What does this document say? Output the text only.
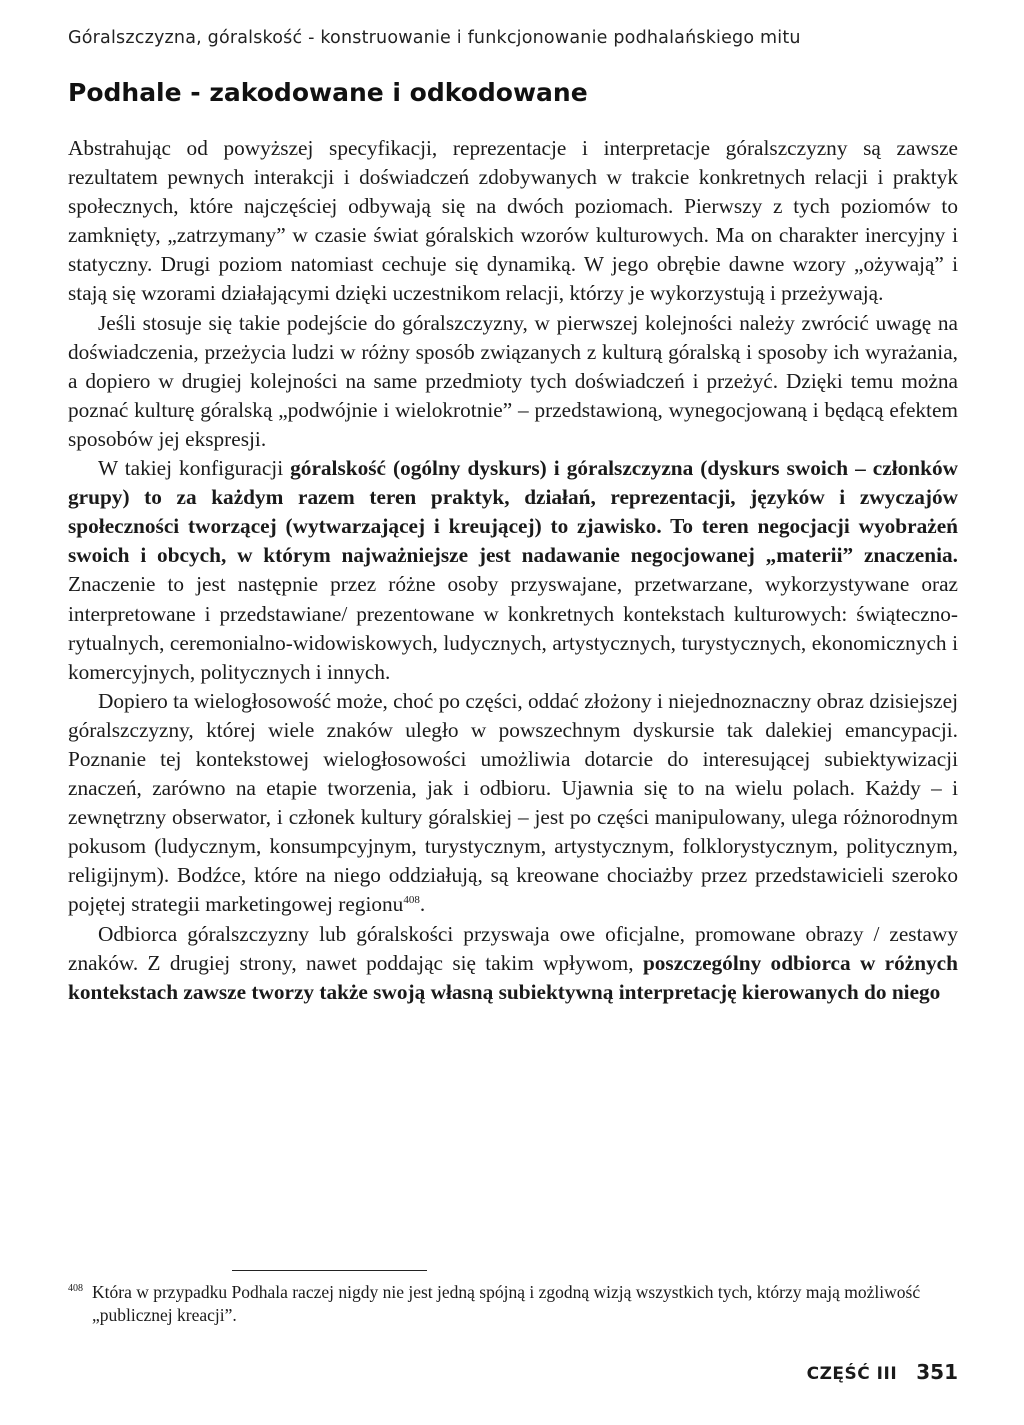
Góralszczyzna, góralskość - konstruowanie i funkcjonowanie podhalańskiego mitu
Podhale - zakodowane i odkodowane

Abstrahując od powyższej specyfikacji, reprezentacje i interpretacje góralszczyzny są zawsze rezultatem pewnych interakcji i doświadczeń zdobywanych w trakcie konkretnych relacji i praktyk społecznych, które najczęściej odbywają się na dwóch poziomach. Pierwszy z tych poziomów to zamknięty, „zatrzymany” w czasie świat góralskich wzorów kulturowych. Ma on charakter inercyjny i statyczny. Drugi poziom natomiast cechuje się dynamiką. W jego obrębie dawne wzory „ożywają” i stają się wzorami działającymi dzięki uczestnikom relacji, którzy je wykorzystują i przeżywają.

Jeśli stosuje się takie podejście do góralszczyzny, w pierwszej kolejności należy zwrócić uwagę na doświadczenia, przeżycia ludzi w różny sposób związanych z kulturą góralską i sposoby ich wyrażania, a dopiero w drugiej kolejności na same przedmioty tych doświadczeń i przeżyć. Dzięki temu można poznać kulturę góralską „podwójnie i wielokrotnie” – przedstawioną, wynegocjowaną i będącą efektem sposobów jej ekspresji.

W takiej konfiguracji góralskość (ogólny dyskurs) i góralszczyzna (dyskurs swoich – członków grupy) to za każdym razem teren praktyk, działań, reprezentacji, języków i zwyczajów społeczności tworzącej (wytwarzającej i kreującej) to zjawisko. To teren negocjacji wyobrażeń swoich i obcych, w którym najważniejsze jest nadawanie negocjowanej „materii” znaczenia. Znaczenie to jest następnie przez różne osoby przyswajane, przetwarzane, wykorzystywane oraz interpretowane i przedstawiane/ prezentowane w konkretnych kontekstach kulturowych: świąteczno-rytualnych, ceremonialno-widowiskowych, ludycznych, artystycznych, turystycznych, ekonomicznych i komercyjnych, politycznych i innych.

Dopiero ta wielogłosowość może, choć po części, oddać złożony i niejednoznaczny obraz dzisiejszej góralszczyzny, której wiele znaków uległo w powszechnym dyskursie tak dalekiej emancypacji. Poznanie tej kontekstowej wielogłosowości umożliwia dotarcie do interesującej subiektywizacji znaczeń, zarówno na etapie tworzenia, jak i odbioru. Ujawnia się to na wielu polach. Każdy – i zewnętrzny obserwator, i członek kultury góralskiej – jest po części manipulowany, ulega różnorodnym pokusom (ludycznym, konsumpcyjnym, turystycznym, artystycznym, folklorystycznym, politycznym, religijnym). Bodźce, które na niego oddziałują, są kreowane chociażby przez przedstawicieli szeroko pojętej strategii marketingowej regionu$^{408}$.

Odbiorca góralszczyzny lub góralskości przyswaja owe oficjalne, promowane obrazy / zestawy znaków. Z drugiej strony, nawet poddając się takim wpływom, poszczególny odbiorca w różnych kontekstach zawsze tworzy także swoją własną subiektywną interpretację kierowanych do niego

408 Która w przypadku Podhala raczej nigdy nie jest jedną spójną i zgodną wizją wszystkich tych, którzy mają możliwość „publicznej kreacji”.
CZĘŚĆ III 351
